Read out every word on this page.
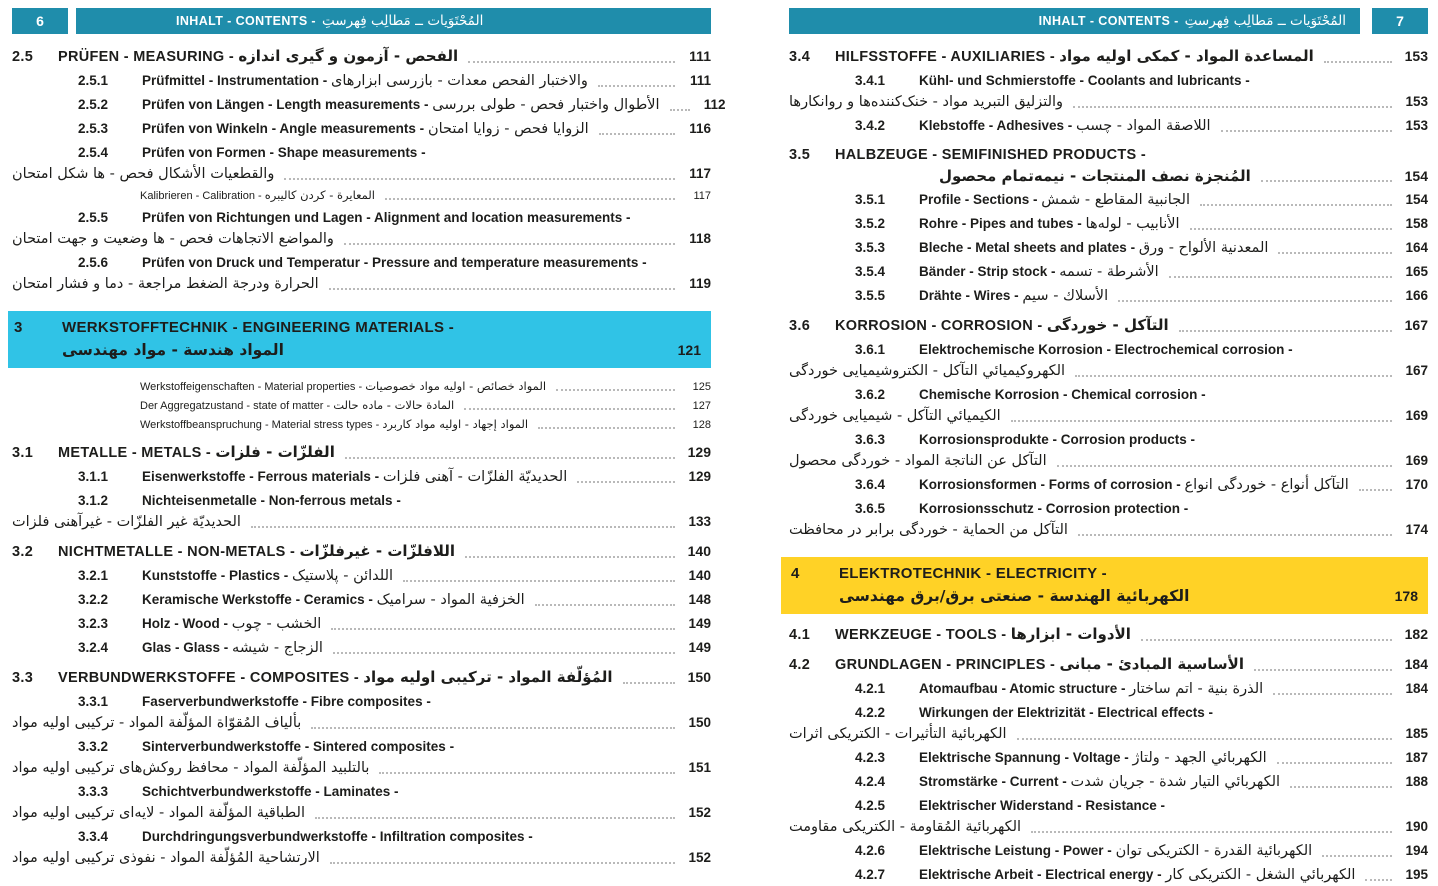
6	INHALT - CONTENTS - فِهرستِ مَطالِب ــ المُحْتَوَيات
2.5	PRÜFEN - MEASURING - اندازه گيرى و آزمون - الفحص	111
2.5.1	Prüfmittel - Instrumentation - ابزارهاى بازرسى - معدات الفحص والاختبار	111
2.5.2	Prüfen von Längen - Length measurements - بررسى طولى - فحص واختبار الأطوال	112
2.5.3	Prüfen von Winkeln - Angle measurements - امتحان زوايا - فحص الزوايا	116
2.5.4	Prüfen von Formen - Shape measurements -
امتحان شكل ها - فحص الأشكال والقطعيات	117
Kalibrieren - Calibration - كاليبره كردن - المعايرة	117
2.5.5	Prüfen von Richtungen und Lagen - Alignment and location measurements -
امتحان جهت و وضعيت ها - فحص الاتجاهات والمواضع	118
2.5.6	Prüfen von Druck und Temperatur - Pressure and temperature measurements -
امتحان فشار و دما - مراجعة الضغط ودرجة الحرارة	119
3	WERKSTOFFTECHNIK - ENGINEERING MATERIALS -
مهندسى مواد - هندسة المواد	121
Werkstoffeigenschaften - Material properties - خصوصيات مواد اوليه - خصائص المواد	125
Der Aggregatzustand - state of matter - حالت ماده - حالات المادة	127
Werkstoffbeanspruchung - Material stress types - كاربرد مواد اوليه - إجهاد المواد	128
3.1	METALLE - METALS - فلزات - الفلزّات	129
3.1.1	Eisenwerkstoffe - Ferrous materials - فلزات آهنى - الفلزّات الحديديّة	129
3.1.2	Nichteisenmetalle - Non-ferrous metals -
فلزات غيرآهنى - الفلزّات غير الحديديّة	133
3.2	NICHTMETALLE - NON-METALS - غيرفلزّات - اللافلزّات	140
3.2.1	Kunststoffe - Plastics - پلاستيک - اللدائن	140
3.2.2	Keramische Werkstoffe - Ceramics - سراميک - المواد الخزفية	148
3.2.3	Holz - Wood - چوب - الخشب	149
3.2.4	Glas - Glass - شيشه - الزجاج	149
3.3	VERBUNDWERKSTOFFE - COMPOSITES - مواد اوليه تركيبى - المواد المُؤلّفة	150
3.3.1	Faserverbundwerkstoffe - Fibre composites -
مواد اوليه تركيبى - المواد المؤلّفة المُقوّاة بألياف	150
3.3.2	Sinterverbundwerkstoffe - Sintered composites -
مواد اوليه تركيبى روكش‌هاى محافظ - المواد المؤلّفة بالتلبيد	151
3.3.3	Schichtverbundwerkstoffe - Laminates -
مواد اوليه تركيبى لايه‌اى - المواد المؤلّفة الطباقية	152
3.3.4	Durchdringungsverbundwerkstoffe - Infiltration composites -
مواد اوليه تركيبى نفوذى - المواد المُؤلّفة الارتشاحية	152
INHALT - CONTENTS - فِهرستِ مَطالِب ــ المُحْتَوَيات	7
3.4	HILFSSTOFFE - AUXILIARIES - مواد اوليه كمكى - المواد المساعدة	153
3.4.1	Kühl- und Schmierstoffe - Coolants and lubricants -
روانكارها و خنک‌كننده‌ها - مواد التبريد والتزليق	153
3.4.2	Klebstoffe - Adhesives - چسب - المواد اللاصقة	153
3.5	HALBZEUGE - SEMIFINISHED PRODUCTS -
محصول نيمه‌تمام - المنتجات نصف المُنجزة	154
3.5.1	Profile - Sections - شمش - المقاطع الجانبية	154
3.5.2	Rohre - Pipes and tubes - لوله‌ها - الأنابيب	158
3.5.3	Bleche - Metal sheets and plates - ورق - الألواح المعدنية	164
3.5.4	Bänder - Strip stock - تسمه - الأشرطة	165
3.5.5	Drähte - Wires - سيم - الأسلاك	166
3.6	KORROSION - CORROSION - خوردگى - التآكل	167
3.6.1	Elektrochemische Korrosion - Electrochemical corrosion -
خوردگى الكتروشيميايى - التآكل الكهروكيميائي	167
3.6.2	Chemische Korrosion - Chemical corrosion -
خوردگى شيميايى - التآكل الكيميائي	169
3.6.3	Korrosionsprodukte - Corrosion products -
محصول خوردگى - المواد الناتجة عن التآكل	169
3.6.4	Korrosionsformen - Forms of corrosion - انواع خوردگى - أنواع التآكل	170
3.6.5	Korrosionsschutz - Corrosion protection -
محافظت در برابر خوردگى - الحماية من التآكل	174
4	ELEKTROTECHNIK - ELECTRICITY -
مهندسى برق/برق صنعتى - الهندسة الكهربائية	178
4.1	WERKZEUGE - TOOLS - ابزارها - الأدوات	182
4.2	GRUNDLAGEN - PRINCIPLES - مبانى - المبادئ الأساسية	184
4.2.1	Atomaufbau - Atomic structure - ساختار اتم - بنية الذرة	184
4.2.2	Wirkungen der Elektrizität - Electrical effects -
اثرات الكتريكى - التأثيرات الكهربائية	185
4.2.3	Elektrische Spannung - Voltage - ولتاژ - الجهد الكهربائي	187
4.2.4	Stromstärke - Current - شدت جريان - شدة التيار الكهربائي	188
4.2.5	Elektrischer Widerstand - Resistance -
مقاومت الكتريكى - المُقاومة الكهربائية	190
4.2.6	Elektrische Leistung - Power - توان الكتريكى - القدرة الكهربائية	194
4.2.7	Elektrische Arbeit - Electrical energy - كار الكتريكى - الشغل الكهربائي	195
